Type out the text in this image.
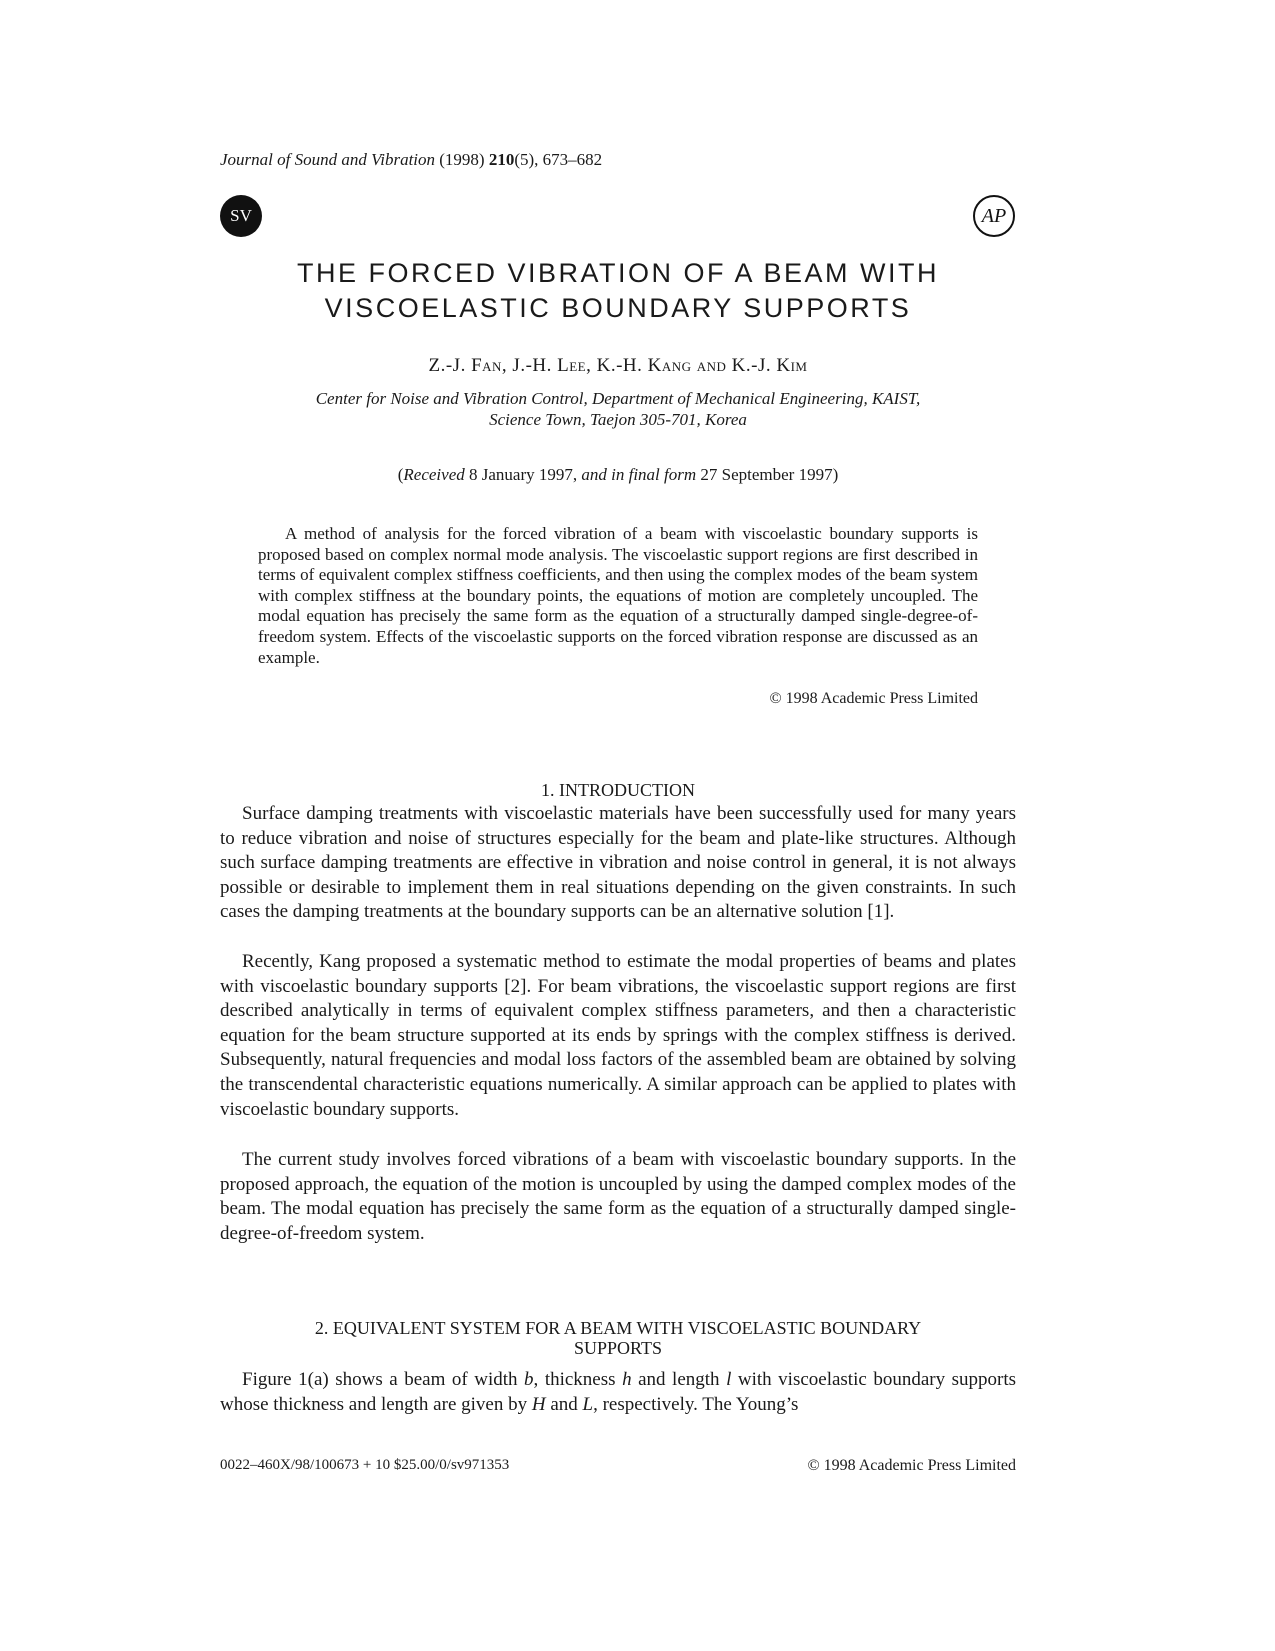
Journal of Sound and Vibration (1998) 210(5), 673–682
SV	AP
THE FORCED VIBRATION OF A BEAM WITH
VISCOELASTIC BOUNDARY SUPPORTS
Z.-J. Fan, J.-H. Lee, K.-H. Kang and K.-J. Kim
Center for Noise and Vibration Control, Department of Mechanical Engineering, KAIST,
Science Town, Taejon 305-701, Korea
(Received 8 January 1997, and in final form 27 September 1997)
A method of analysis for the forced vibration of a beam with viscoelastic boundary supports is proposed based on complex normal mode analysis. The viscoelastic support regions are first described in terms of equivalent complex stiffness coefficients, and then using the complex modes of the beam system with complex stiffness at the boundary points, the equations of motion are completely uncoupled. The modal equation has precisely the same form as the equation of a structurally damped single-degree-of-freedom system. Effects of the viscoelastic supports on the forced vibration response are discussed as an example.
© 1998 Academic Press Limited
1. INTRODUCTION

Surface damping treatments with viscoelastic materials have been successfully used for many years to reduce vibration and noise of structures especially for the beam and plate-like structures. Although such surface damping treatments are effective in vibration and noise control in general, it is not always possible or desirable to implement them in real situations depending on the given constraints. In such cases the damping treatments at the boundary supports can be an alternative solution [1].

Recently, Kang proposed a systematic method to estimate the modal properties of beams and plates with viscoelastic boundary supports [2]. For beam vibrations, the viscoelastic support regions are first described analytically in terms of equivalent complex stiffness parameters, and then a characteristic equation for the beam structure supported at its ends by springs with the complex stiffness is derived. Subsequently, natural frequencies and modal loss factors of the assembled beam are obtained by solving the transcendental characteristic equations numerically. A similar approach can be applied to plates with viscoelastic boundary supports.

The current study involves forced vibrations of a beam with viscoelastic boundary supports. In the proposed approach, the equation of the motion is uncoupled by using the damped complex modes of the beam. The modal equation has precisely the same form as the equation of a structurally damped single-degree-of-freedom system.

2. EQUIVALENT SYSTEM FOR A BEAM WITH VISCOELASTIC BOUNDARY
SUPPORTS

Figure 1(a) shows a beam of width b, thickness h and length l with viscoelastic boundary supports whose thickness and length are given by H and L, respectively. The Young’s

0022–460X/98/100673 + 10 $25.00/0/sv971353	© 1998 Academic Press Limited
